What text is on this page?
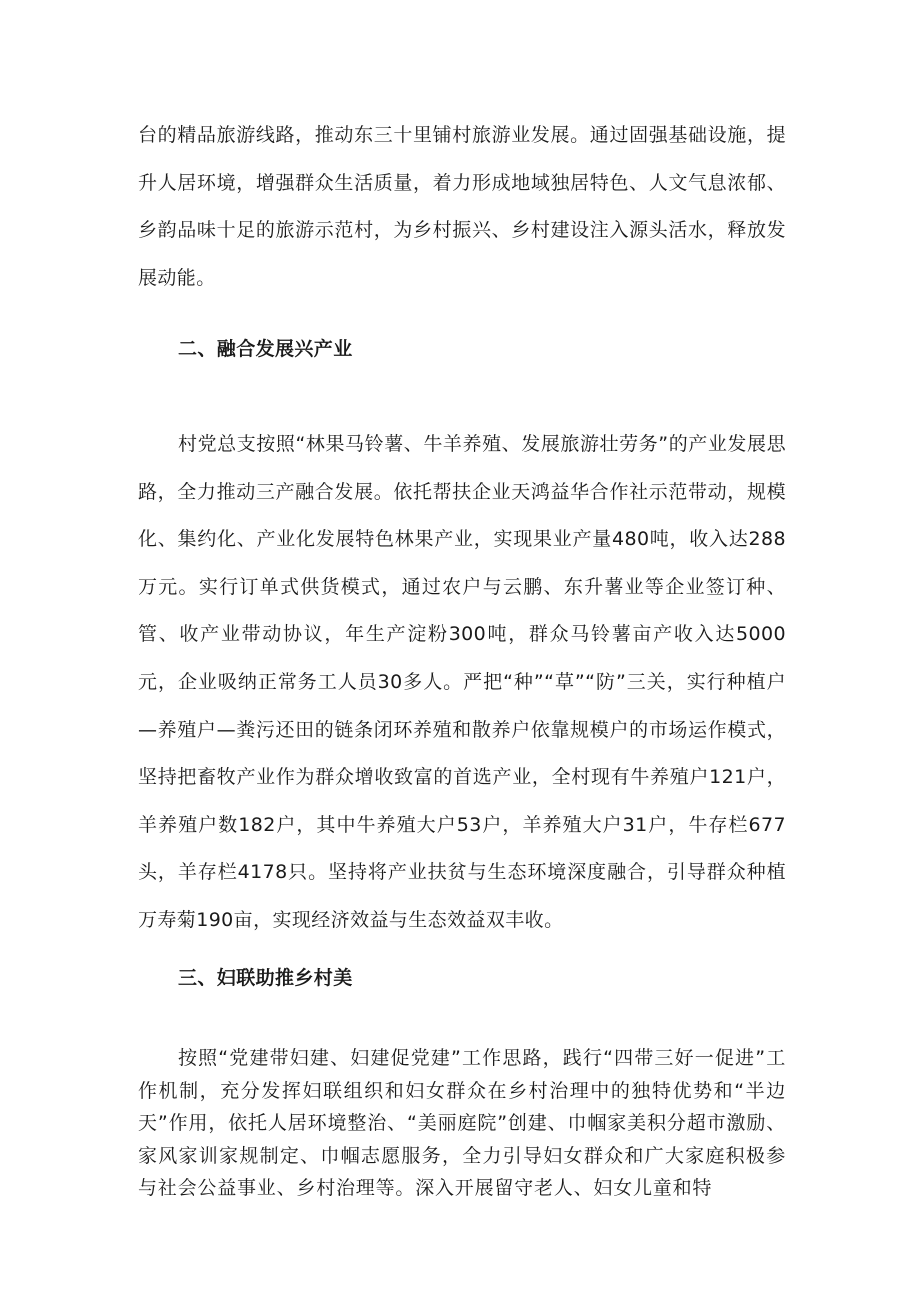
台的精品旅游线路，推动东三十里铺村旅游业发展。通过固强基础设施，提升人居环境，增强群众生活质量，着力形成地域独居特色、人文气息浓郁、乡韵品味十足的旅游示范村，为乡村振兴、乡村建设注入源头活水，释放发展动能。
二、融合发展兴产业
村党总支按照“林果马铃薯、牛羊养殖、发展旅游壮劳务”的产业发展思路，全力推动三产融合发展。依托帮扶企业天鸿益华合作社示范带动，规模化、集约化、产业化发展特色林果产业，实现果业产量480吨，收入达288万元。实行订单式供货模式，通过农户与云鹏、东升薯业等企业签订种、管、收产业带动协议，年生产淀粉300吨，群众马铃薯亩产收入达5000元，企业吸纳正常务工人员30多人。严把“种”“草”“防”三关，实行种植户—养殖户—粪污还田的链条闭环养殖和散养户依靠规模户的市场运作模式，坚持把畜牧产业作为群众增收致富的首选产业，全村现有牛养殖户121户，羊养殖户数182户，其中牛养殖大户53户，羊养殖大户31户，牛存栏677头，羊存栏4178只。坚持将产业扶贫与生态环境深度融合，引导群众种植万寿菊190亩，实现经济效益与生态效益双丰收。
三、妇联助推乡村美
按照“党建带妇建、妇建促党建”工作思路，践行“四带三好一促进”工作机制，充分发挥妇联组织和妇女群众在乡村治理中的独特优势和“半边天”作用，依托人居环境整治、“美丽庭院”创建、巾帼家美积分超市激励、家风家训家规制定、巾帼志愿服务，全力引导妇女群众和广大家庭积极参与社会公益事业、乡村治理等。深入开展留守老人、妇女儿童和特
